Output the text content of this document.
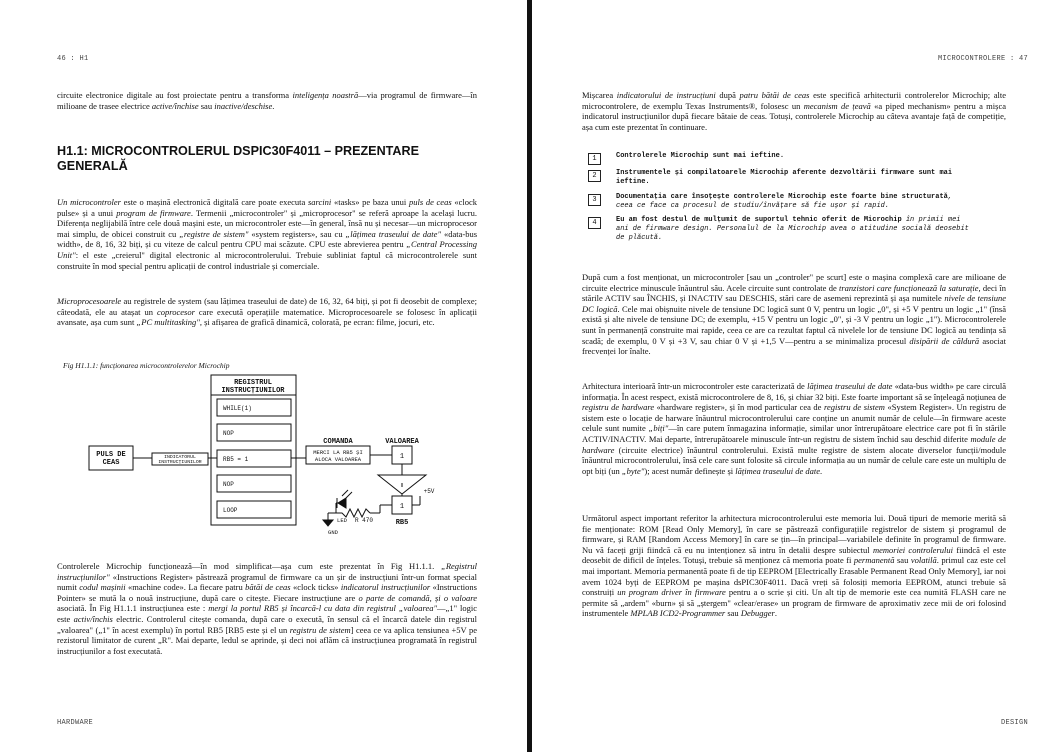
46 : H1

circuite electronice digitale au fost proiectate pentru a transforma inteligența noastră—via programul de firmware—în milioane de trasee electrice active/închise sau inactive/deschise.

H1.1: MICROCONTROLERUL DSPIC30F4011 – PREZENTARE GENERALĂ

Un microcontroler este o mașină electronică digitală care poate executa sarcini «tasks» pe baza unui puls de ceas «clock pulse» și a unui program de firmware. Termenii „microcontroler" și „microprocesor" se referă aproape la același lucru. Diferența neglijabilă între cele două mașini este, un microcontroler este—în general, însă nu și necesar—un microprocesor mai simplu, de obicei construit cu „registre de sistem" «system registers», sau cu „lățimea traseului de date" «data-bus width», de 8, 16, 32 biți, și cu viteze de calcul pentru CPU mai scăzute. CPU este abrevierea pentru „Central Processing Unit": el este „creierul" digital electronic al microcontrolerului. Trebuie subliniat faptul că microcontrolerele sunt construite în mod special pentru aplicații de control industriale și comerciale.

Microprocesoarele au registrele de system (sau lățimea traseului de date) de 16, 32, 64 biți, și pot fi deosebit de complexe; câteodată, ele au atașat un coprocesor care execută operațiile matematice. Microprocesoarele se folosesc în aplicații avansate, așa cum sunt „PC multitasking", și afișarea de grafică dinamică, colorată, pe ecran: filme, jocuri, etc.

Fig H1.1.1: funcționarea microcontrolerelor Microchip
REGISTRUL
INSTRUCȚIUNILOR
PULS DE
CEAS
INDICATORUL
INSTRUCȚIUNILOR
COMANDA
MERCI LA RB5 ȘI
ALOCA VALOAREA
VALOAREA
1
1
RB5
R 470
LED
GND
+5V
WHILE(1)
NOP
RB5 = 1
NOP
LOOP

Controlerele Microchip funcționează—în mod simplificat—așa cum este prezentat în Fig H1.1.1. „Registrul instrucțiunilor" «Instructions Register» păstrează programul de firmware ca un șir de instrucțiuni într-un format special numit codul mașinii «machine code». La fiecare patru bătăi de ceas «clock ticks» indicatorul instrucțiunilor «Instructions Pointer» se mută la o nouă instrucțiune, după care o citește. Fiecare instrucțiune are o parte de comandă, și o valoare asociată. În Fig H1.1.1 instrucțiunea este : mergi la portul RB5 și încarcă-l cu data din registrul „valoarea"—„1" logic este activ/închis electric. Controlerul citește comanda, după care o execută, în sensul că el încarcă datele din registrul „valoarea" („1" în acest exemplu) în portul RB5 [RB5 este și el un registru de sistem] ceea ce va aplica tensiunea +5V pe rezistorul limitator de curent „R". Mai departe, ledul se aprinde, și deci noi aflăm că instrucțiunea programată în registrul instrucțiunilor a fost executată.

HARDWARE
MICROCONTROLERE : 47

Mișcarea indicatorului de instrucțiuni după patru bătăi de ceas este specifică arhitecturii controlerelor Microchip; alte microcontrolere, de exemplu Texas Instruments®, folosesc un mecanism de țeavă «a piped mechanism» pentru a mișca indicatorul instrucțiunilor după fiecare bătaie de ceas. Totuși, controlerele Microchip au câteva avantaje față de competiție, așa cum este prezentat în continuare.

DESIGN
1	Controlerele Microchip sunt mai ieftine.
2	Instrumentele și compilatoarele Microchip aferente dezvoltării firmware sunt mai ieftine.
3	Documentația care însoțește controlerele Microchip este foarte bine structurată, ceea ce face ca procesul de studiu/învățare să fie ușor și rapid.
4	Eu am fost destul de mulțumit de suportul tehnic oferit de Microchip în primii mei ani de firmware design. Personalul de la Microchip avea o atitudine socială deosebit de plăcută.

După cum a fost menționat, un microcontroler [sau un „controler" pe scurt] este o mașina complexă care are milioane de circuite electrice minuscule înăuntrul său. Acele circuite sunt controlate de tranzistori care funcționează la saturație, deci în stările ACTIV sau ÎNCHIS, și INACTIV sau DESCHIS, stări care de asemeni reprezintă și așa numitele nivele de tensiune DC logică. Cele mai obișnuite nivele de tensiune DC logică sunt 0 V, pentru un logic „0", și +5 V pentru un logic „1" (însă există și alte nivele de tensiune DC; de exemplu, +15 V pentru un logic „0", și -3 V pentru un logic „1"). Microcontrolerele sunt în permanență construite mai rapide, ceea ce are ca rezultat faptul că nivelele lor de tensiune DC logică au tendința să scadă; de exemplu, 0 V și +3 V, sau chiar 0 V și +1,5 V—pentru a se minimaliza procesul disipării de căldură asociat frecvenței lor înalte.

Arhitectura interioară într-un microcontroler este caracterizată de lățimea traseului de date «data-bus width» pe care circulă informația. În acest respect, există microcontrolere de 8, 16, și chiar 32 biți. Este foarte important să se înțeleagă noțiunea de registru de hardware «hardware register», și în mod particular cea de registru de sistem «System Register». Un registru de sistem este o locație de harware înăuntrul microcontrolerului care conține un anumit număr de celule—în firmware aceste celule sunt numite „biți"—în care putem înmagazina informație, similar unor întrerupătoare electrice care pot fi în stările ACTIV/INACTIV. Mai departe, întrerupătoarele minuscule într-un registru de sistem închid sau deschid diferite module de hardware (circuite electrice) înăuntrul controlerului. Există multe registre de sistem alocate diverselor funcții/module înăuntrul microcontrolerului, însă cele care sunt folosite să circule informația au un număr de celule care este un multiplu de opt biți (un „byte"); acest număr definește și lățimea traseului de date.

Următorul aspect important referitor la arhitectura microcontrolerului este memoria lui. Două tipuri de memorie merită să fie menționate: ROM [Read Only Memory], în care se păstrează configurațiile registrelor de sistem și programul de firmware, și RAM [Random Access Memory] în care se țin—în principal—variabilele definite în programul de firmware. Nu vă faceți griji fiindcă că eu nu intenționez să intru în detalii despre subiectul memoriei controlerului fiindcă el este deosebit de dificil de înțeles. Totuși, trebuie să menționez că memoria poate fi permanentă sau volatilă. primul caz este cel mai important. Memoria permanentă poate fi de tip EEPROM [Electrically Erasable Permanent Read Only Memory], iar noi avem 1024 byți de EEPROM pe mașina dsPIC30F4011. Dacă vreți să folosiți memoria EEPROM, atunci trebuie să construiți un program driver în firmware pentru a o scrie și citi. Un alt tip de memorie este cea numită FLASH care ne permite să „ardem" «burn» și să „ștergem" «clear/erase» un program de firmware de aproximativ zece mii de ori folosind instrumentele MPLAB ICD2-Programmer sau Debugger.
